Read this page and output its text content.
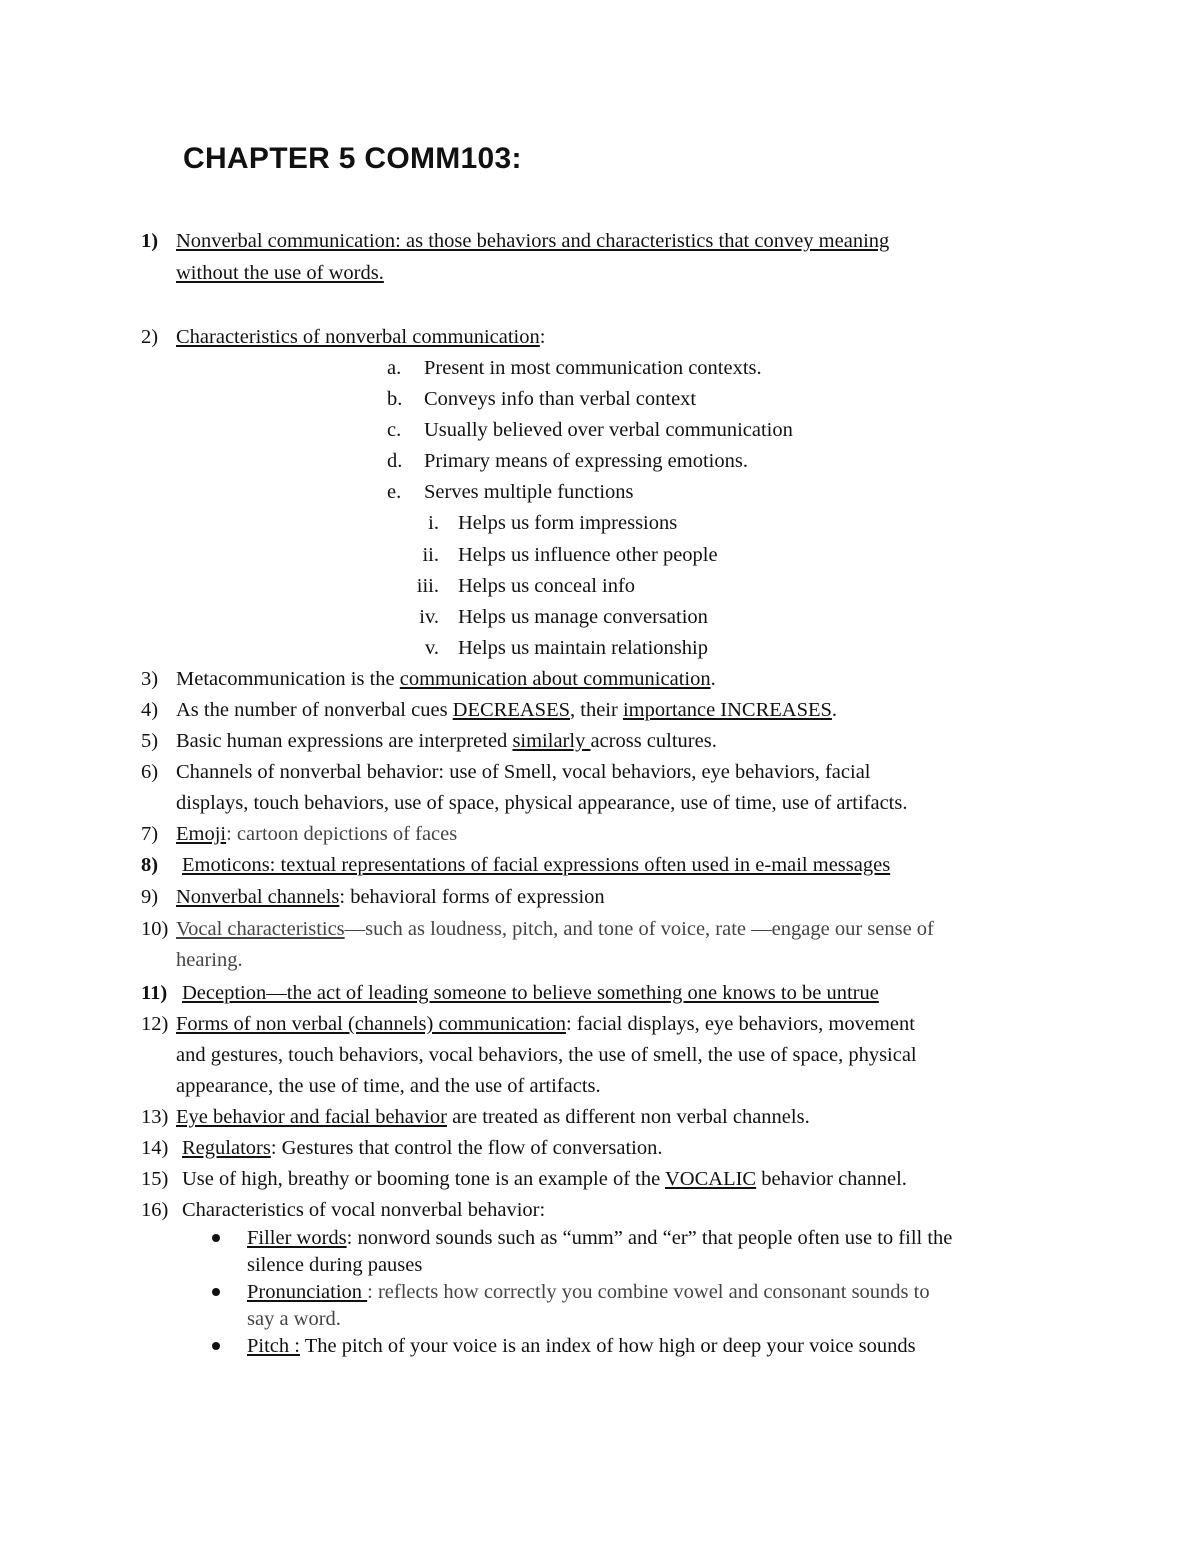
CHAPTER 5 COMM103:
1) Nonverbal communication: as those behaviors and characteristics that convey meaning
without the use of words.
2) Characteristics of nonverbal communication:
a. Present in most communication contexts.
b. Conveys info than verbal context
c. Usually believed over verbal communication
d. Primary means of expressing emotions.
e. Serves multiple functions
i. Helps us form impressions
ii. Helps us influence other people
iii. Helps us conceal info
iv. Helps us manage conversation
v. Helps us maintain relationship
3) Metacommunication is the communication about communication.
4) As the number of nonverbal cues DECREASES, their importance INCREASES.
5) Basic human expressions are interpreted similarly across cultures.
6) Channels of nonverbal behavior: use of Smell, vocal behaviors, eye behaviors, facial
displays, touch behaviors, use of space, physical appearance, use of time, use of artifacts.
7) Emoji: cartoon depictions of faces
8) Emoticons: textual representations of facial expressions often used in e-mail messages
9) Nonverbal channels: behavioral forms of expression
10) Vocal characteristics—such as loudness, pitch, and tone of voice, rate —engage our sense of
hearing.
11) Deception—the act of leading someone to believe something one knows to be untrue
12) Forms of non verbal (channels) communication: facial displays, eye behaviors, movement
and gestures, touch behaviors, vocal behaviors, the use of smell, the use of space, physical
appearance, the use of time, and the use of artifacts.
13) Eye behavior and facial behavior are treated as different non verbal channels.
14) Regulators: Gestures that control the flow of conversation.
15) Use of high, breathy or booming tone is an example of the VOCALIC behavior channel.
16) Characteristics of vocal nonverbal behavior:
Filler words: nonword sounds such as “umm” and “er” that people often use to fill the
silence during pauses
Pronunciation : reflects how correctly you combine vowel and consonant sounds to
say a word.
Pitch : The pitch of your voice is an index of how high or deep your voice sounds
